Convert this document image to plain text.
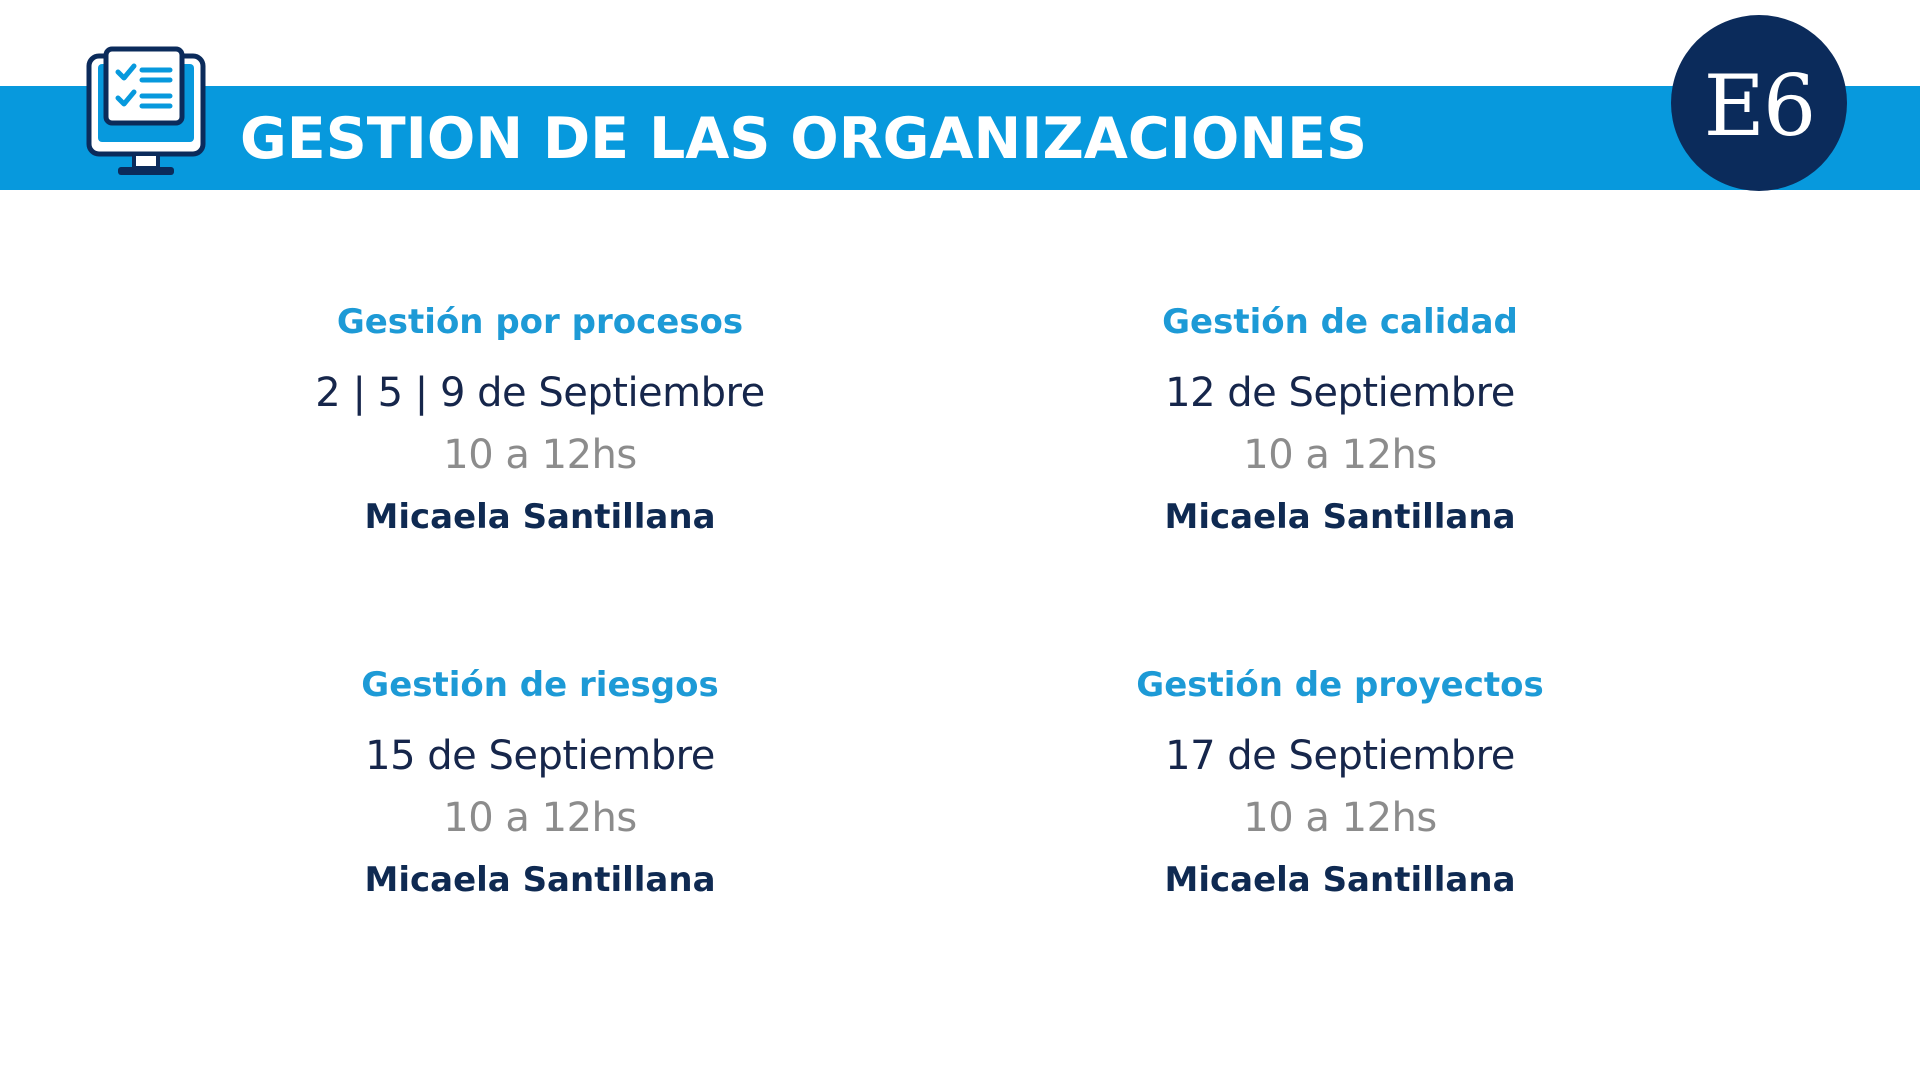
GESTION DE LAS ORGANIZACIONES	E6
Gestión por procesos
2 | 5 | 9 de Septiembre
10 a 12hs
Micaela Santillana
Gestión de calidad
12 de Septiembre
10 a 12hs
Micaela Santillana
Gestión de riesgos
15 de Septiembre
10 a 12hs
Micaela Santillana
Gestión de proyectos
17 de Septiembre
10 a 12hs
Micaela Santillana
